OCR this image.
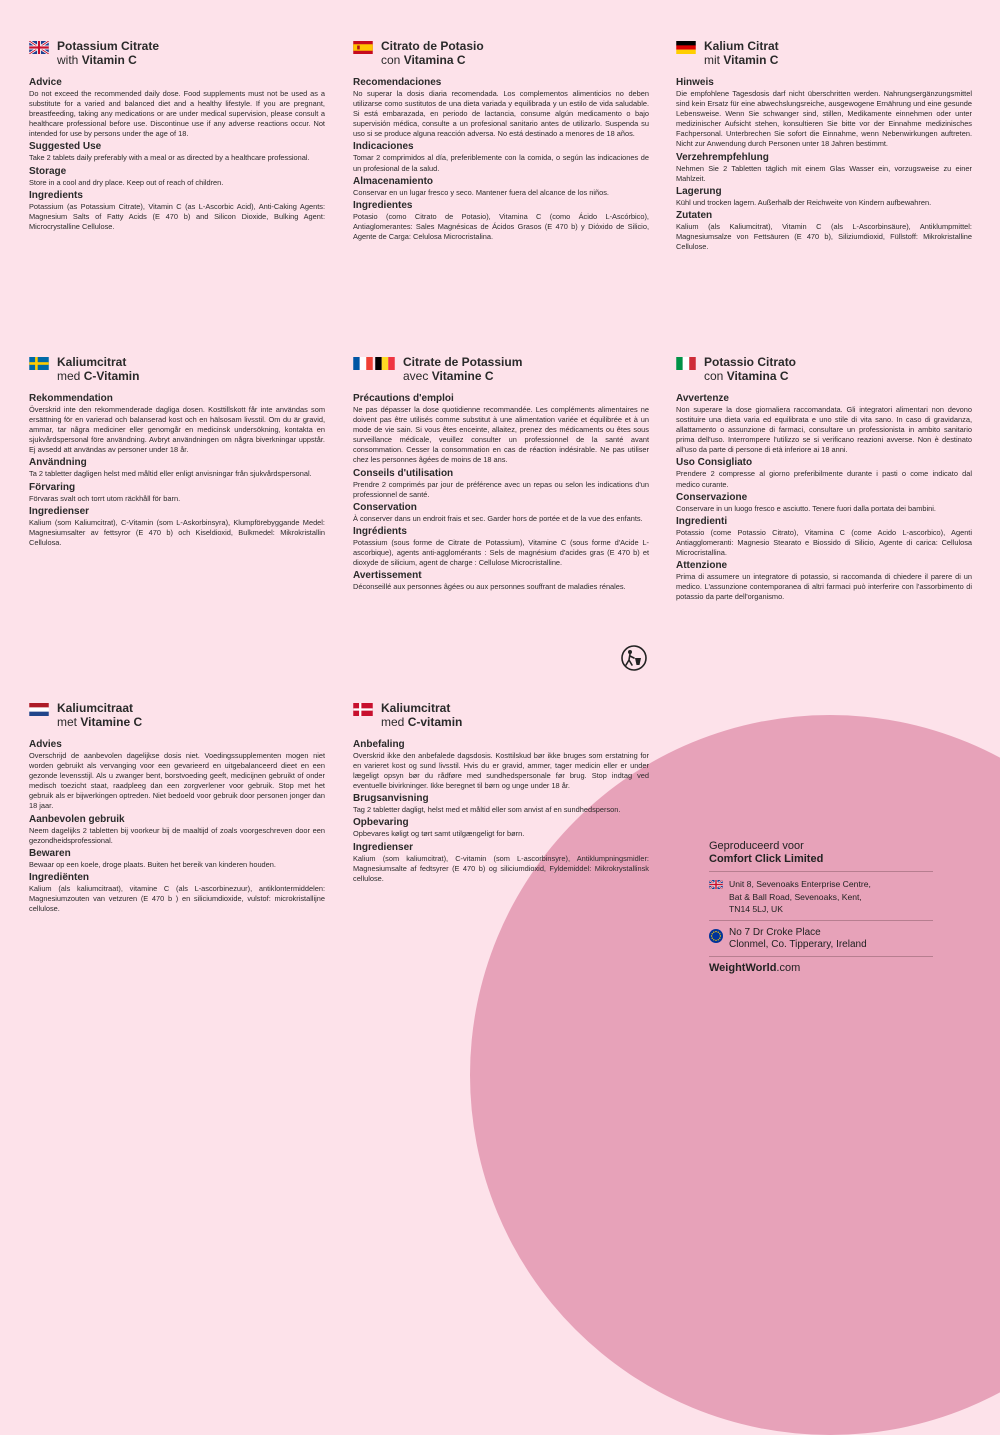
Potassium Citrate
with Vitamin C
Advice
Do not exceed the recommended daily dose. Food supplements must not be used as a substitute for a varied and balanced diet and a healthy lifestyle. If you are pregnant, breastfeeding, taking any medications or are under medical supervision, please consult a healthcare professional before use. Discontinue use if any adverse reactions occur. Not intended for use by persons under the age of 18.
Suggested Use
Take 2 tablets daily preferably with a meal or as directed by a healthcare professional.
Storage
Store in a cool and dry place. Keep out of reach of children.
Ingredients
Potassium (as Potassium Citrate), Vitamin C (as L-Ascorbic Acid), Anti-Caking Agents: Magnesium Salts of Fatty Acids (E 470 b) and Silicon Dioxide, Bulking Agent: Microcrystalline Cellulose.
Citrato de Potasio
con Vitamina C
Recomendaciones
No superar la dosis diaria recomendada. Los complementos alimenticios no deben utilizarse como sustitutos de una dieta variada y equilibrada y un estilo de vida saludable. Si está embarazada, en periodo de lactancia, consume algún medicamento o bajo supervisión médica, consulte a un profesional sanitario antes de utilizarlo. Suspenda su uso si se produce alguna reacción adversa. No está destinado a menores de 18 años.
Indicaciones
Tomar 2 comprimidos al día, preferiblemente con la comida, o según las indicaciones de un profesional de la salud.
Almacenamiento
Conservar en un lugar fresco y seco. Mantener fuera del alcance de los niños.
Ingredientes
Potasio (como Citrato de Potasio), Vitamina C (como Ácido L-Ascórbico), Antiaglomerantes: Sales Magnésicas de Ácidos Grasos (E 470 b) y Dióxido de Silicio, Agente de Carga: Celulosa Microcristalina.
Kalium Citrat
mit Vitamin C
Hinweis
Die empfohlene Tagesdosis darf nicht überschritten werden. Nahrungsergänzungsmittel sind kein Ersatz für eine abwechslungsreiche, ausgewogene Ernährung und eine gesunde Lebensweise. Wenn Sie schwanger sind, stillen, Medikamente einnehmen oder unter medizinischer Aufsicht stehen, konsultieren Sie bitte vor der Einnahme medizinisches Fachpersonal. Unterbrechen Sie sofort die Einnahme, wenn Nebenwirkungen auftreten. Nicht zur Anwendung durch Personen unter 18 Jahren bestimmt.
Verzehrempfehlung
Nehmen Sie 2 Tabletten täglich mit einem Glas Wasser ein, vorzugsweise zu einer Mahlzeit.
Lagerung
Kühl und trocken lagern. Außerhalb der Reichweite von Kindern aufbewahren.
Zutaten
Kalium (als Kaliumcitrat), Vitamin C (als L-Ascorbinsäure), Antiklumpmittel: Magnesiumsalze von Fettsäuren (E 470 b), Siliziumdioxid, Füllstoff: Mikrokristalline Cellulose.
Kaliumcitrat
med C-Vitamin
Rekommendation
Överskrid inte den rekommenderade dagliga dosen. Kosttillskott får inte användas som ersättning för en varierad och balanserad kost och en hälsosam livsstil. Om du är gravid, ammar, tar några mediciner eller genomgår en medicinsk undersökning, kontakta en sjukvårdspersonal före användning. Avbryt användningen om några biverkningar uppstår. Ej avsedd att användas av personer under 18 år.
Användning
Ta 2 tabletter dagligen helst med måltid eller enligt anvisningar från sjukvårdspersonal.
Förvaring
Förvaras svalt och torrt utom räckhåll för barn.
Ingredienser
Kalium (som Kaliumcitrat), C-Vitamin (som L-Askorbinsyra), Klumpförebyggande Medel: Magnesiumsalter av fettsyror (E 470 b) och Kiseldioxid, Bulkmedel: Mikrokristallin Cellulosa.
Citrate de Potassium
avec Vitamine C
Précautions d'emploi
Ne pas dépasser la dose quotidienne recommandée. Les compléments alimentaires ne doivent pas être utilisés comme substitut à une alimentation variée et équilibrée et à un mode de vie sain. Si vous êtes enceinte, allaitez, prenez des médicaments ou êtes sous surveillance médicale, veuillez consulter un professionnel de la santé avant consommation. Cesser la consommation en cas de réaction indésirable. Ne pas utiliser chez les personnes âgées de moins de 18 ans.
Conseils d'utilisation
Prendre 2 comprimés par jour de préférence avec un repas ou selon les indications d'un professionnel de santé.
Conservation
À conserver dans un endroit frais et sec. Garder hors de portée et de la vue des enfants.
Ingrédients
Potassium (sous forme de Citrate de Potassium), Vitamine C (sous forme d'Acide L-ascorbique), agents anti-agglomérants : Sels de magnésium d'acides gras (E 470 b) et dioxyde de silicium, agent de charge : Cellulose Microcristalline.
Avertissement
Déconseillé aux personnes âgées ou aux personnes souffrant de maladies rénales.
Potassio Citrato
con Vitamina C
Avvertenze
Non superare la dose giornaliera raccomandata. Gli integratori alimentari non devono sostituire una dieta varia ed equilibrata e uno stile di vita sano. In caso di gravidanza, allattamento o assunzione di farmaci, consultare un professionista in ambito sanitario prima dell'uso. Interrompere l'utilizzo se si verificano reazioni avverse. Non è destinato all'uso da parte di persone di età inferiore ai 18 anni.
Uso Consigliato
Prendere 2 compresse al giorno preferibilmente durante i pasti o come indicato dal medico curante.
Conservazione
Conservare in un luogo fresco e asciutto. Tenere fuori dalla portata dei bambini.
Ingredienti
Potassio (come Potassio Citrato), Vitamina C (come Acido L-ascorbico), Agenti Antiagglomeranti: Magnesio Stearato e Biossido di Silicio, Agente di carica: Cellulosa Microcristallina.
Attenzione
Prima di assumere un integratore di potassio, si raccomanda di chiedere il parere di un medico. L'assunzione contemporanea di altri farmaci può interferire con l'assorbimento di potassio da parte dell'organismo.
Kaliumcitraat
met Vitamine C
Advies
Overschrijd de aanbevolen dagelijkse dosis niet. Voedingssupplementen mogen niet worden gebruikt als vervanging voor een gevarieerd en uitgebalanceerd dieet en een gezonde levensstijl. Als u zwanger bent, borstvoeding geeft, medicijnen gebruikt of onder medisch toezicht staat, raadpleeg dan een zorgverlener voor gebruik. Stop met het gebruik als er bijwerkingen optreden. Niet bedoeld voor gebruik door personen jonger dan 18 jaar.
Aanbevolen gebruik
Neem dagelijks 2 tabletten bij voorkeur bij de maaltijd of zoals voorgeschreven door een gezondheidsprofessional.
Bewaren
Bewaar op een koele, droge plaats. Buiten het bereik van kinderen houden.
Ingrediënten
Kalium (als kaliumcitraat), vitamine C (als L-ascorbinezuur), antiklontermiddelen: Magnesiumzouten van vetzuren (E 470 b ) en siliciumdioxide, vulstof: microkristallijne cellulose.
Kaliumcitrat
med C-vitamin
Anbefaling
Overskrid ikke den anbefalede dagsdosis. Kosttilskud bør ikke bruges som erstatning for en varieret kost og sund livsstil. Hvis du er gravid, ammer, tager medicin eller er under lægeligt opsyn bør du rådføre med sundhedspersonale før brug. Stop indtag ved eventuelle bivirkninger. Ikke beregnet til børn og unge under 18 år.
Brugsanvisning
Tag 2 tabletter dagligt, helst med et måltid eller som anvist af en sundhedsperson.
Opbevaring
Opbevares køligt og tørt samt utilgængeligt for børn.
Ingredienser
Kalium (som kaliumcitrat), C-vitamin (som L-ascorbinsyre), Antiklumpningsmidler: Magnesiumsalte af fedtsyrer (E 470 b) og siliciumdioxid, Fyldemiddel: Mikrokrystallinsk cellulose.
Geproduceerd voor
Comfort Click Limited
Unit 8, Sevenoaks Enterprise Centre,
Bat & Ball Road, Sevenoaks, Kent,
TN14 5LJ, UK
No 7 Dr Croke Place
Clonmel, Co. Tipperary, Ireland
WeightWorld.com
